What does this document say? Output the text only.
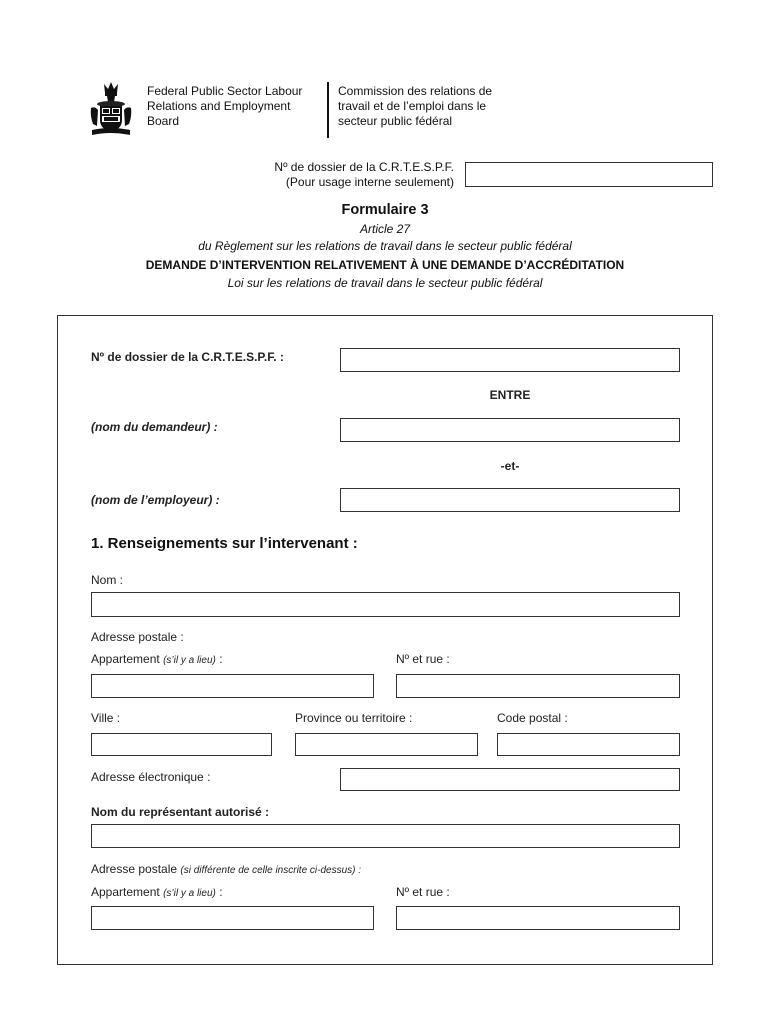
Federal Public Sector Labour
Relations and Employment
Board
Commission des relations de
travail et de l’emploi dans le
secteur public fédéral
Nº de dossier de la C.R.T.E.S.P.F.
(Pour usage interne seulement)
Formulaire 3
Article 27
du Règlement sur les relations de travail dans le secteur public fédéral
DEMANDE D’INTERVENTION RELATIVEMENT À UNE DEMANDE D’ACCRÉDITATION
Loi sur les relations de travail dans le secteur public fédéral
Nº de dossier de la C.R.T.E.S.P.F. :
ENTRE
(nom du demandeur) :
-et-
(nom de l’employeur) :
1. Renseignements sur l’intervenant :
Nom :
Adresse postale :
Appartement (s’il y a lieu) :	Nº et rue :
Ville :	Province ou territoire :	Code postal :
Adresse électronique :
Nom du représentant autorisé :
Adresse postale (si différente de celle inscrite ci-dessus) :
Appartement (s’il y a lieu) :	Nº et rue :
